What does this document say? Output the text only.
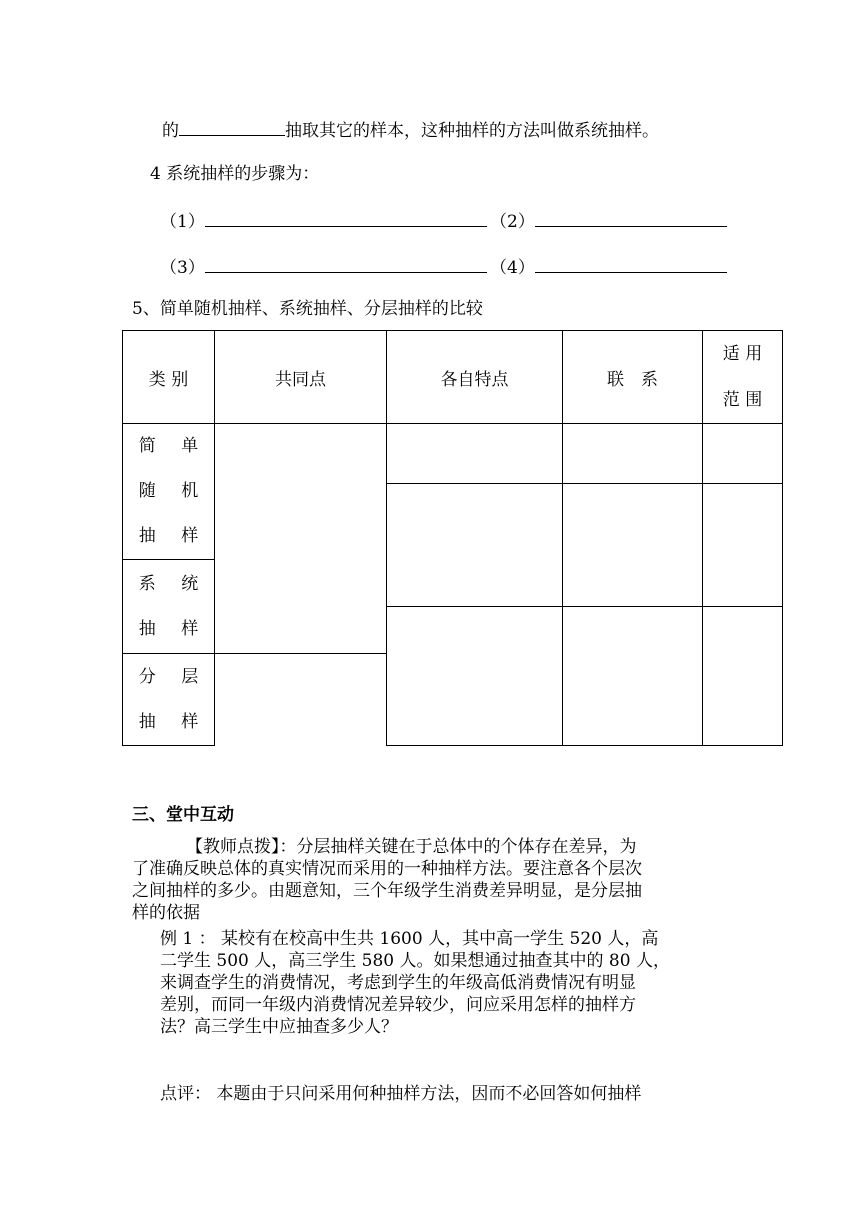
的	抽取其它的样本，这种抽样的方法叫做系统抽样。
4 系统抽样的步骤为：
（1）	（2）
（3）	（4）
5、简单随机抽样、系统抽样、分层抽样的比较
类 别	共同点	各自特点	联　系	适 用
范 围

简 单
随 机
抽 样				

系 统
抽 样				

分 层
抽 样				
三、堂中互动
【教师点拨】：分层抽样关键在于总体中的个体存在差异，为
了准确反映总体的真实情况而采用的一种抽样方法。要注意各个层次
之间抽样的多少。由题意知，三个年级学生消费差异明显，是分层抽
样的依据
例 1 ： 某校有在校高中生共 1600 人，其中高一学生 520 人，高
二学生 500 人，高三学生 580 人。如果想通过抽查其中的 80 人，
来调查学生的消费情况，考虑到学生的年级高低消费情况有明显
差别，而同一年级内消费情况差异较少，问应采用怎样的抽样方
法？高三学生中应抽查多少人？
点评： 本题由于只问采用何种抽样方法，因而不必回答如何抽样
